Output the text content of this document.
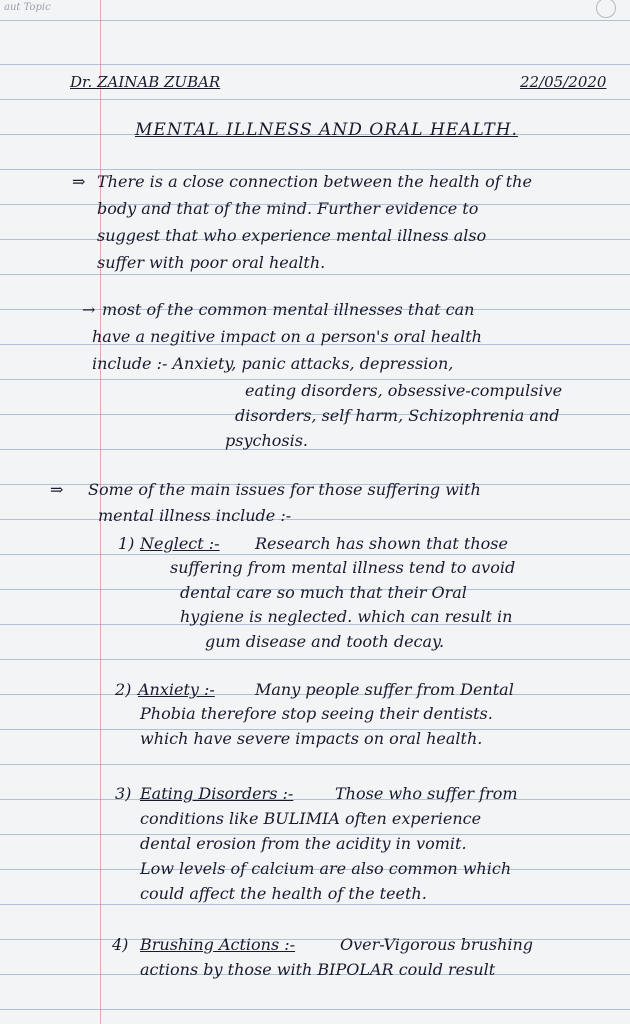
aut Topic
Dr. ZAINAB ZUBAR	22/05/2020
MENTAL ILLNESS AND ORAL HEALTH.
⇒ There is a close connection between the health of the
body and that of the mind. Further evidence to
suggest that who experience mental illness also
suffer with poor oral health.
→ most of the common mental illnesses that can
have a negitive impact on a person's oral health
include :- Anxiety, panic attacks, depression,
eating disorders, obsessive-compulsive
disorders, self harm, Schizophrenia and
psychosis.
⇒ Some of the main issues for those suffering with
mental illness include :-
1) Neglect :- Research has shown that those
suffering from mental illness tend to avoid
dental care so much that their Oral
hygiene is neglected. which can result in
gum disease and tooth decay.
2) Anxiety :-	Many people suffer from Dental
Phobia therefore stop seeing their dentists.
which have severe impacts on oral health.
3) Eating Disorders :-	Those who suffer from
conditions like BULIMIA often experience
dental erosion from the acidity in vomit.
Low levels of calcium are also common which
could affect the health of the teeth.
4) Brushing Actions :-	Over-Vigorous brushing
actions by those with BIPOLAR could result
